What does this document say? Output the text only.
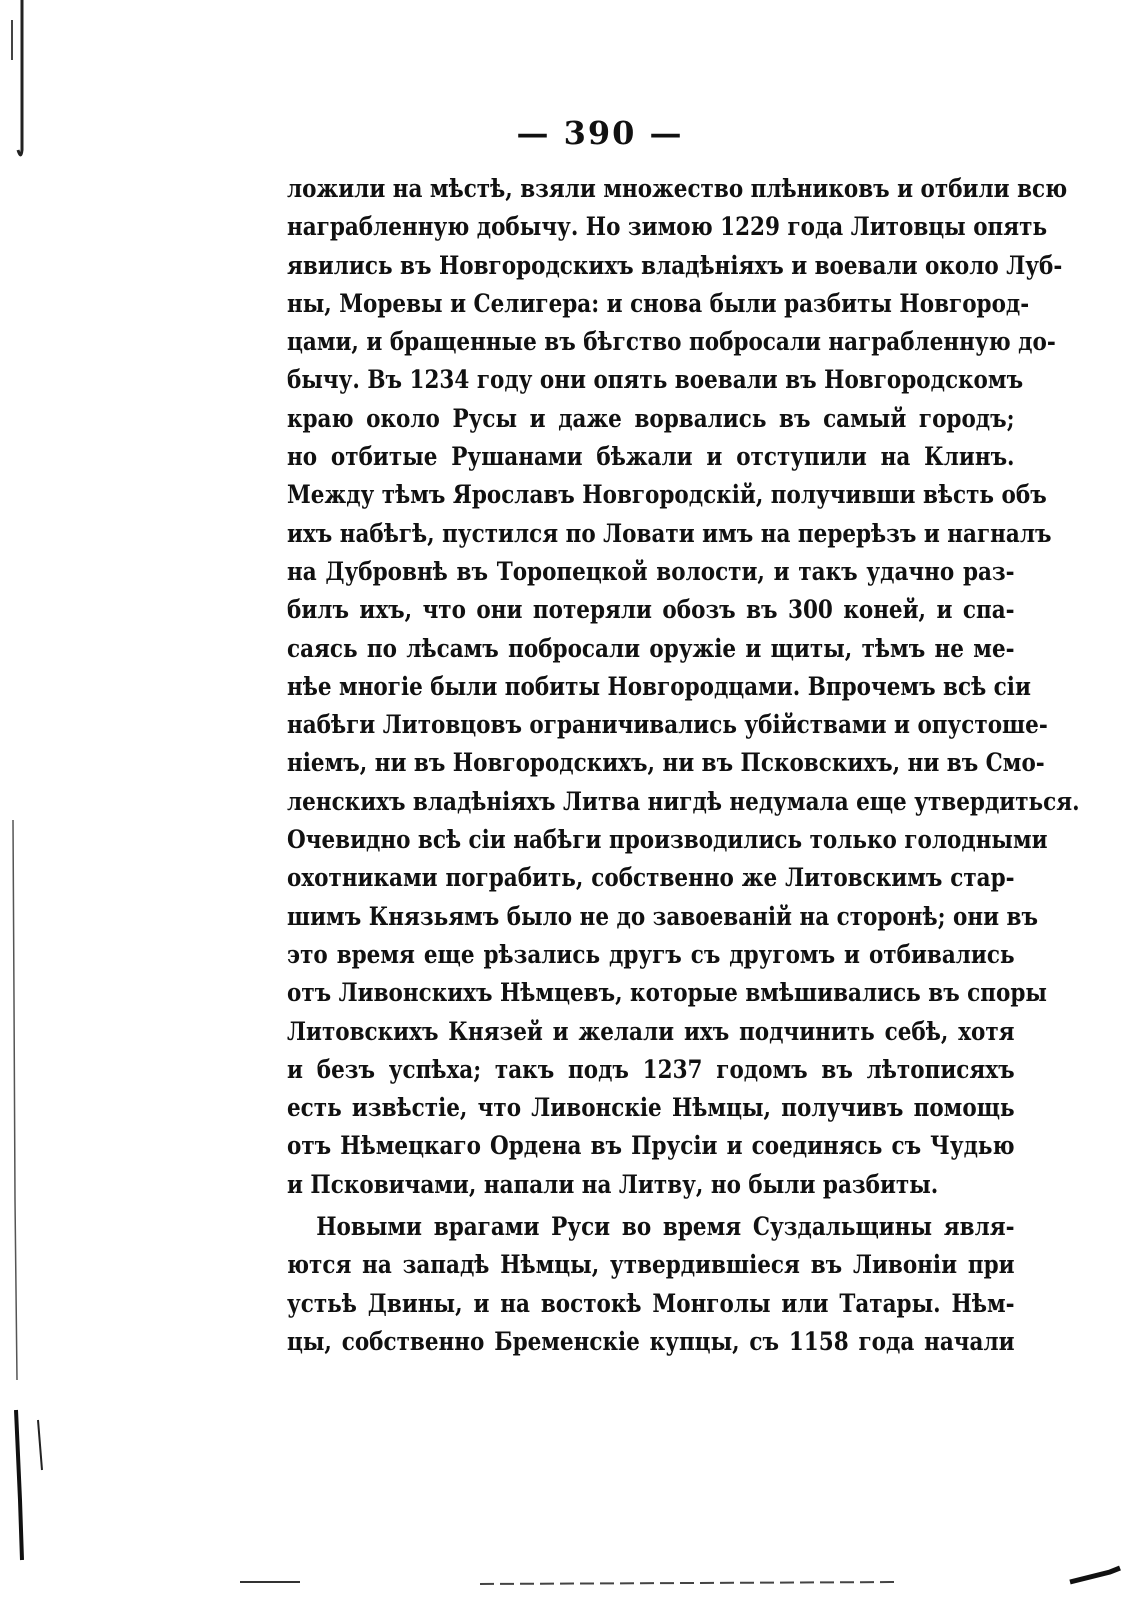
— 390 —
ложили на мѣстѣ, взяли множество плѣниковъ и отбили всю
награбленную добычу. Но зимою 1229 года Литовцы опять
явились въ Новгородскихъ владѣніяхъ и воевали около Луб-
ны, Моревы и Селигера: и снова были разбиты Новгород-
цами, и бращенные въ бѣгство побросали награбленную до-
бычу. Въ 1234 году они опять воевали въ Новгородскомъ
краю около Русы и даже ворвались въ самый городъ;
но отбитые Рушанами бѣжали и отступили на Клинъ.
Между тѣмъ Ярославъ Новгородскій, получивши вѣсть объ
ихъ набѣгѣ, пустился по Ловати имъ на перерѣзъ и нагналъ
на Дубровнѣ въ Торопецкой волости, и такъ удачно раз-
билъ ихъ, что они потеряли обозъ въ 300 коней, и спа-
саясь по лѣсамъ побросали оружіе и щиты, тѣмъ не ме-
нѣе многіе были побиты Новгородцами. Впрочемъ всѣ сіи
набѣги Литовцовъ ограничивались убійствами и опустоше-
ніемъ, ни въ Новгородскихъ, ни въ Псковскихъ, ни въ Смо-
ленскихъ владѣніяхъ Литва нигдѣ недумала еще утвердиться.
Очевидно всѣ сіи набѣги производились только голодными
охотниками пограбить, собственно же Литовскимъ стар-
шимъ Князьямъ было не до завоеваній на сторонѣ; они въ
это время еще рѣзались другъ съ другомъ и отбивались
отъ Ливонскихъ Нѣмцевъ, которые вмѣшивались въ споры
Литовскихъ Князей и желали ихъ подчинить себѣ, хотя
и безъ успѣха; такъ подъ 1237 годомъ въ лѣтописяхъ
есть извѣстіе, что Ливонскіе Нѣмцы, получивъ помощь
отъ Нѣмецкаго Ордена въ Прусіи и соединясь съ Чудью
и Псковичами, напали на Литву, но были разбиты.
Новыми врагами Руси во время Суздальщины явля-
ются на западѣ Нѣмцы, утвердившіеся въ Ливоніи при
устьѣ Двины, и на востокѣ Монголы или Татары. Нѣм-
цы, собственно Бременскіе купцы, съ 1158 года начали
